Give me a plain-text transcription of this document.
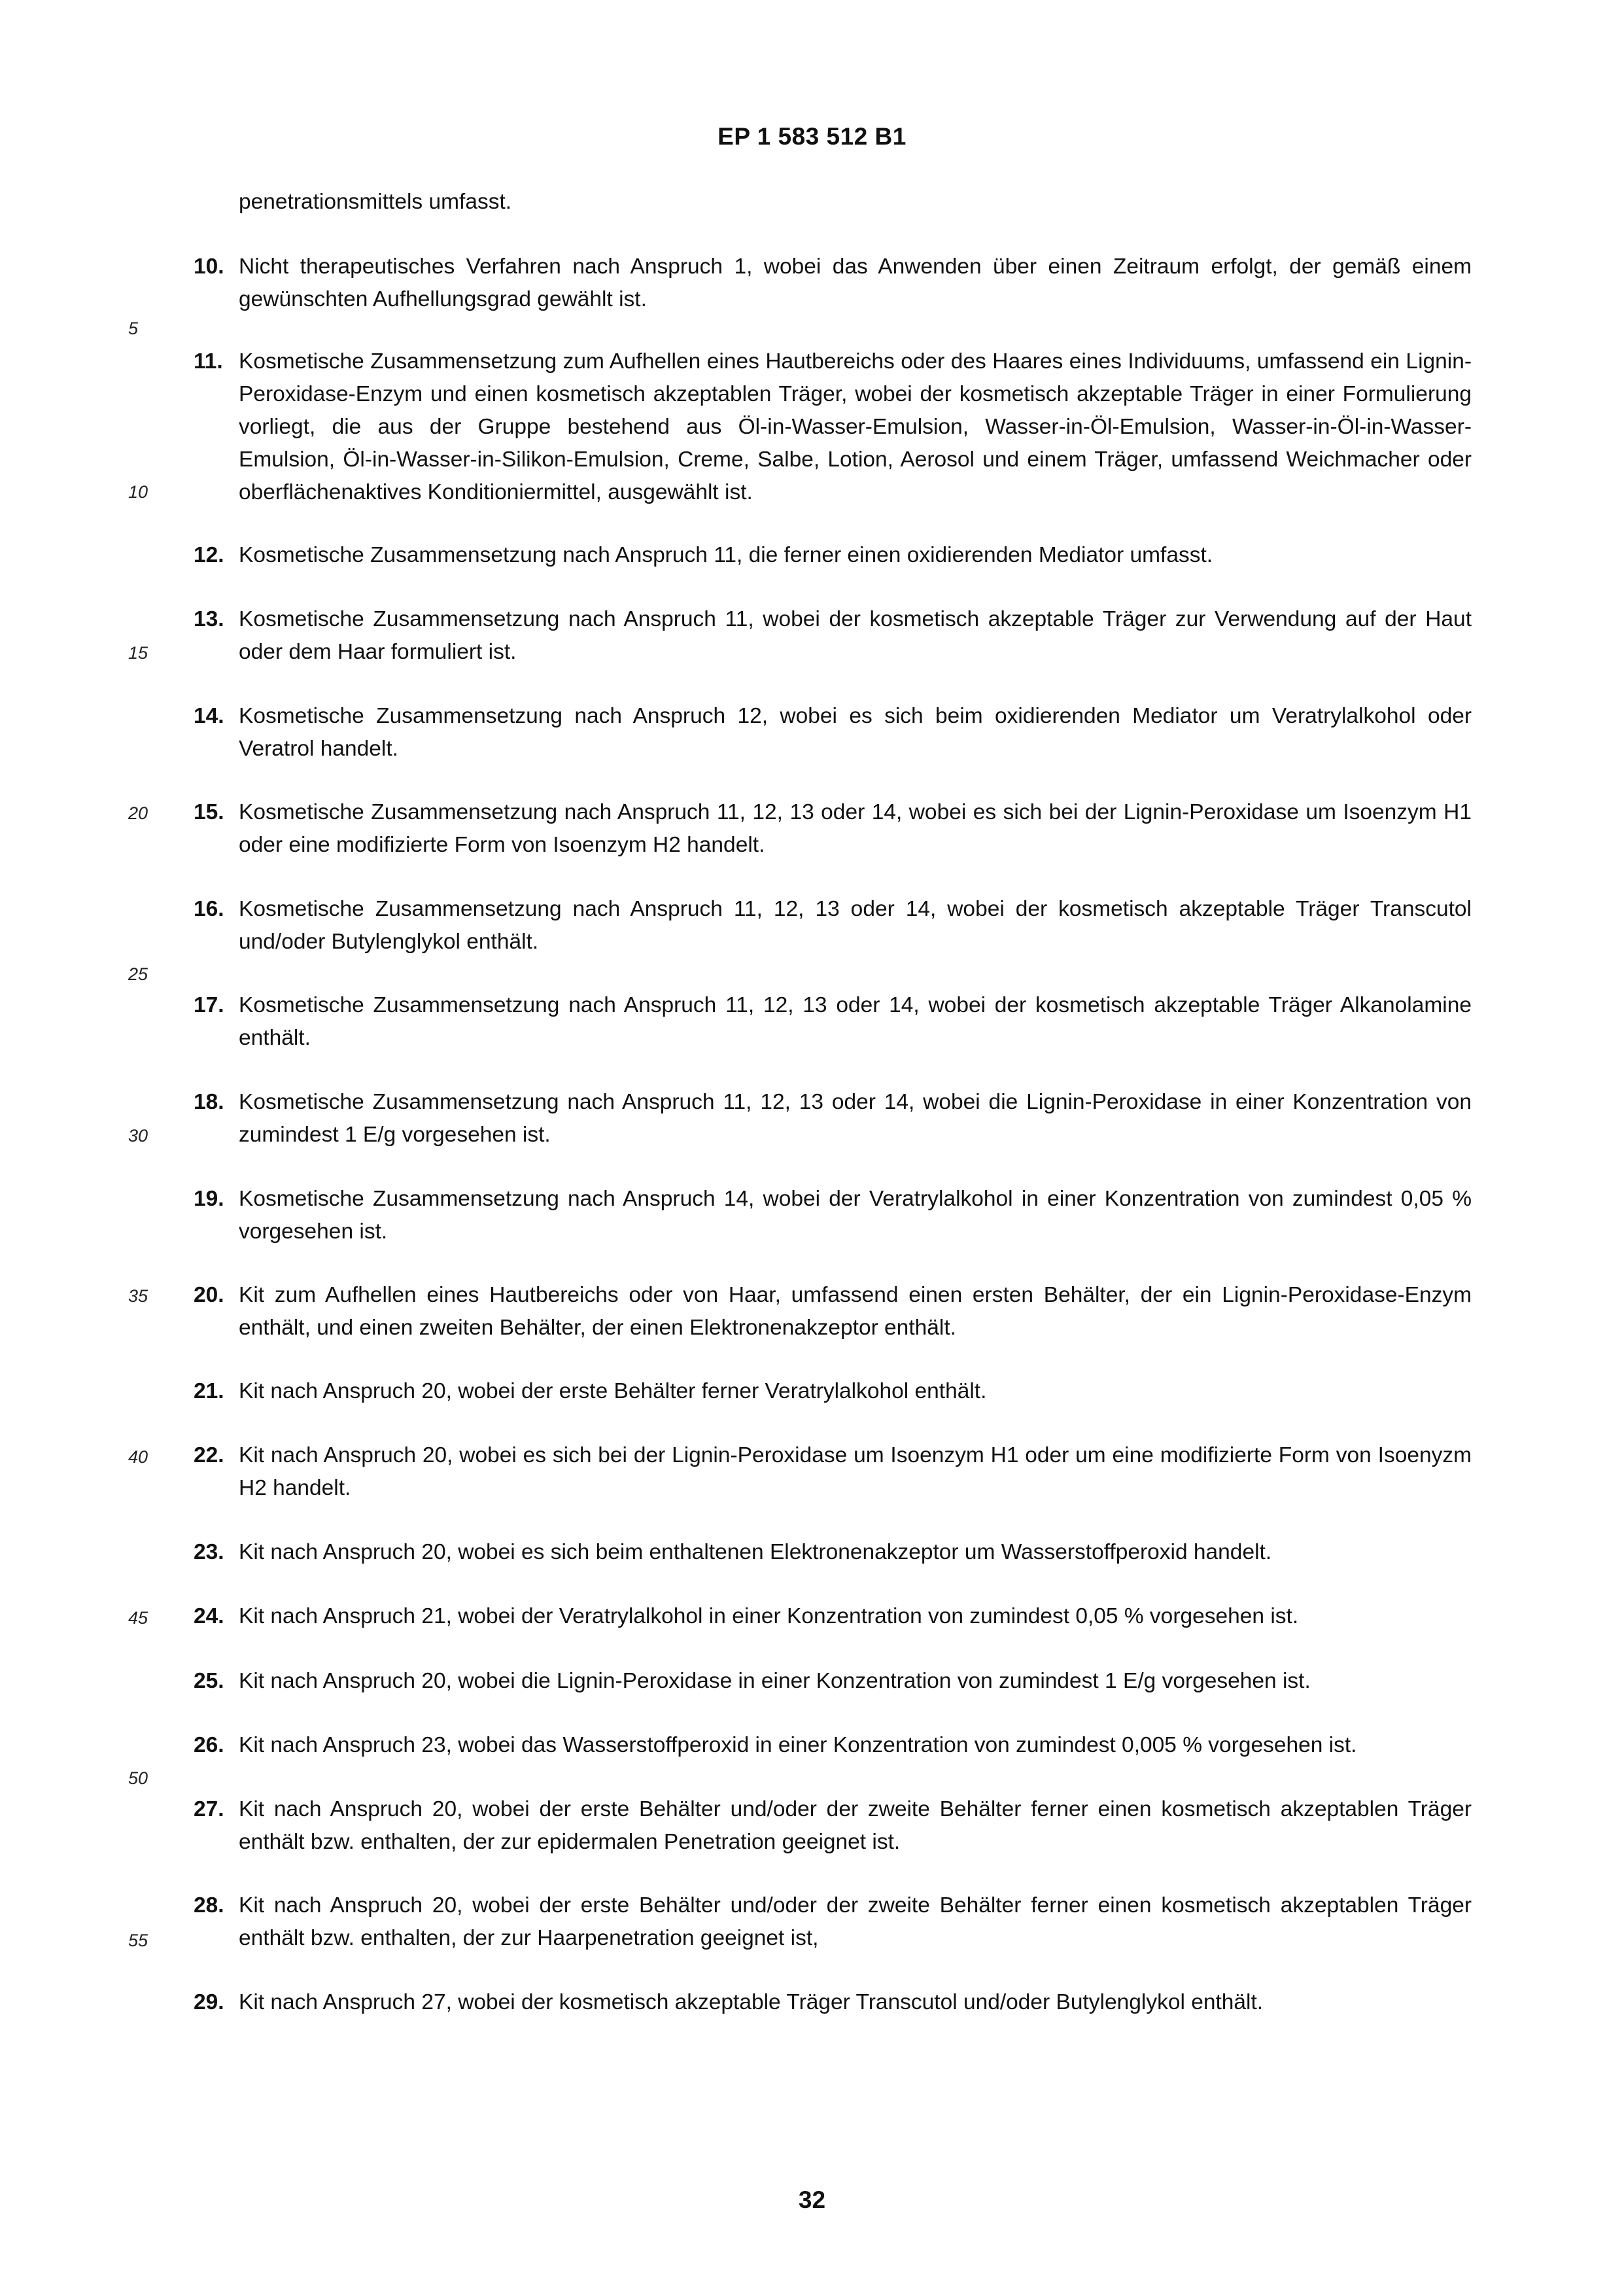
EP 1 583 512 B1
penetrationsmittels umfasst.
5
10
15
20
25
30
35
40
45
50
55
10. Nicht therapeutisches Verfahren nach Anspruch 1, wobei das Anwenden über einen Zeitraum erfolgt, der gemäß einem gewünschten Aufhellungsgrad gewählt ist.
11. Kosmetische Zusammensetzung zum Aufhellen eines Hautbereichs oder des Haares eines Individuums, umfassend ein Lignin-Peroxidase-Enzym und einen kosmetisch akzeptablen Träger, wobei der kosmetisch akzeptable Träger in einer Formulierung vorliegt, die aus der Gruppe bestehend aus Öl-in-Wasser-Emulsion, Wasser-in-Öl-Emulsion, Wasser-in-Öl-in-Wasser-Emulsion, Öl-in-Wasser-in-Silikon-Emulsion, Creme, Salbe, Lotion, Aerosol und einem Träger, umfassend Weichmacher oder oberflächenaktives Konditioniermittel, ausgewählt ist.
12. Kosmetische Zusammensetzung nach Anspruch 11, die ferner einen oxidierenden Mediator umfasst.
13. Kosmetische Zusammensetzung nach Anspruch 11, wobei der kosmetisch akzeptable Träger zur Verwendung auf der Haut oder dem Haar formuliert ist.
14. Kosmetische Zusammensetzung nach Anspruch 12, wobei es sich beim oxidierenden Mediator um Veratrylalkohol oder Veratrol handelt.
15. Kosmetische Zusammensetzung nach Anspruch 11, 12, 13 oder 14, wobei es sich bei der Lignin-Peroxidase um Isoenzym H1 oder eine modifizierte Form von Isoenzym H2 handelt.
16. Kosmetische Zusammensetzung nach Anspruch 11, 12, 13 oder 14, wobei der kosmetisch akzeptable Träger Transcutol und/oder Butylenglykol enthält.
17. Kosmetische Zusammensetzung nach Anspruch 11, 12, 13 oder 14, wobei der kosmetisch akzeptable Träger Alkanolamine enthält.
18. Kosmetische Zusammensetzung nach Anspruch 11, 12, 13 oder 14, wobei die Lignin-Peroxidase in einer Konzentration von zumindest 1 E/g vorgesehen ist.
19. Kosmetische Zusammensetzung nach Anspruch 14, wobei der Veratrylalkohol in einer Konzentration von zumindest 0,05 % vorgesehen ist.
20. Kit zum Aufhellen eines Hautbereichs oder von Haar, umfassend einen ersten Behälter, der ein Lignin-Peroxidase-Enzym enthält, und einen zweiten Behälter, der einen Elektronenakzeptor enthält.
21. Kit nach Anspruch 20, wobei der erste Behälter ferner Veratrylalkohol enthält.
22. Kit nach Anspruch 20, wobei es sich bei der Lignin-Peroxidase um Isoenzym H1 oder um eine modifizierte Form von Isoenyzm H2 handelt.
23. Kit nach Anspruch 20, wobei es sich beim enthaltenen Elektronenakzeptor um Wasserstoffperoxid handelt.
24. Kit nach Anspruch 21, wobei der Veratrylalkohol in einer Konzentration von zumindest 0,05 % vorgesehen ist.
25. Kit nach Anspruch 20, wobei die Lignin-Peroxidase in einer Konzentration von zumindest 1 E/g vorgesehen ist.
26. Kit nach Anspruch 23, wobei das Wasserstoffperoxid in einer Konzentration von zumindest 0,005 % vorgesehen ist.
27. Kit nach Anspruch 20, wobei der erste Behälter und/oder der zweite Behälter ferner einen kosmetisch akzeptablen Träger enthält bzw. enthalten, der zur epidermalen Penetration geeignet ist.
28. Kit nach Anspruch 20, wobei der erste Behälter und/oder der zweite Behälter ferner einen kosmetisch akzeptablen Träger enthält bzw. enthalten, der zur Haarpenetration geeignet ist,
29. Kit nach Anspruch 27, wobei der kosmetisch akzeptable Träger Transcutol und/oder Butylenglykol enthält.
32
